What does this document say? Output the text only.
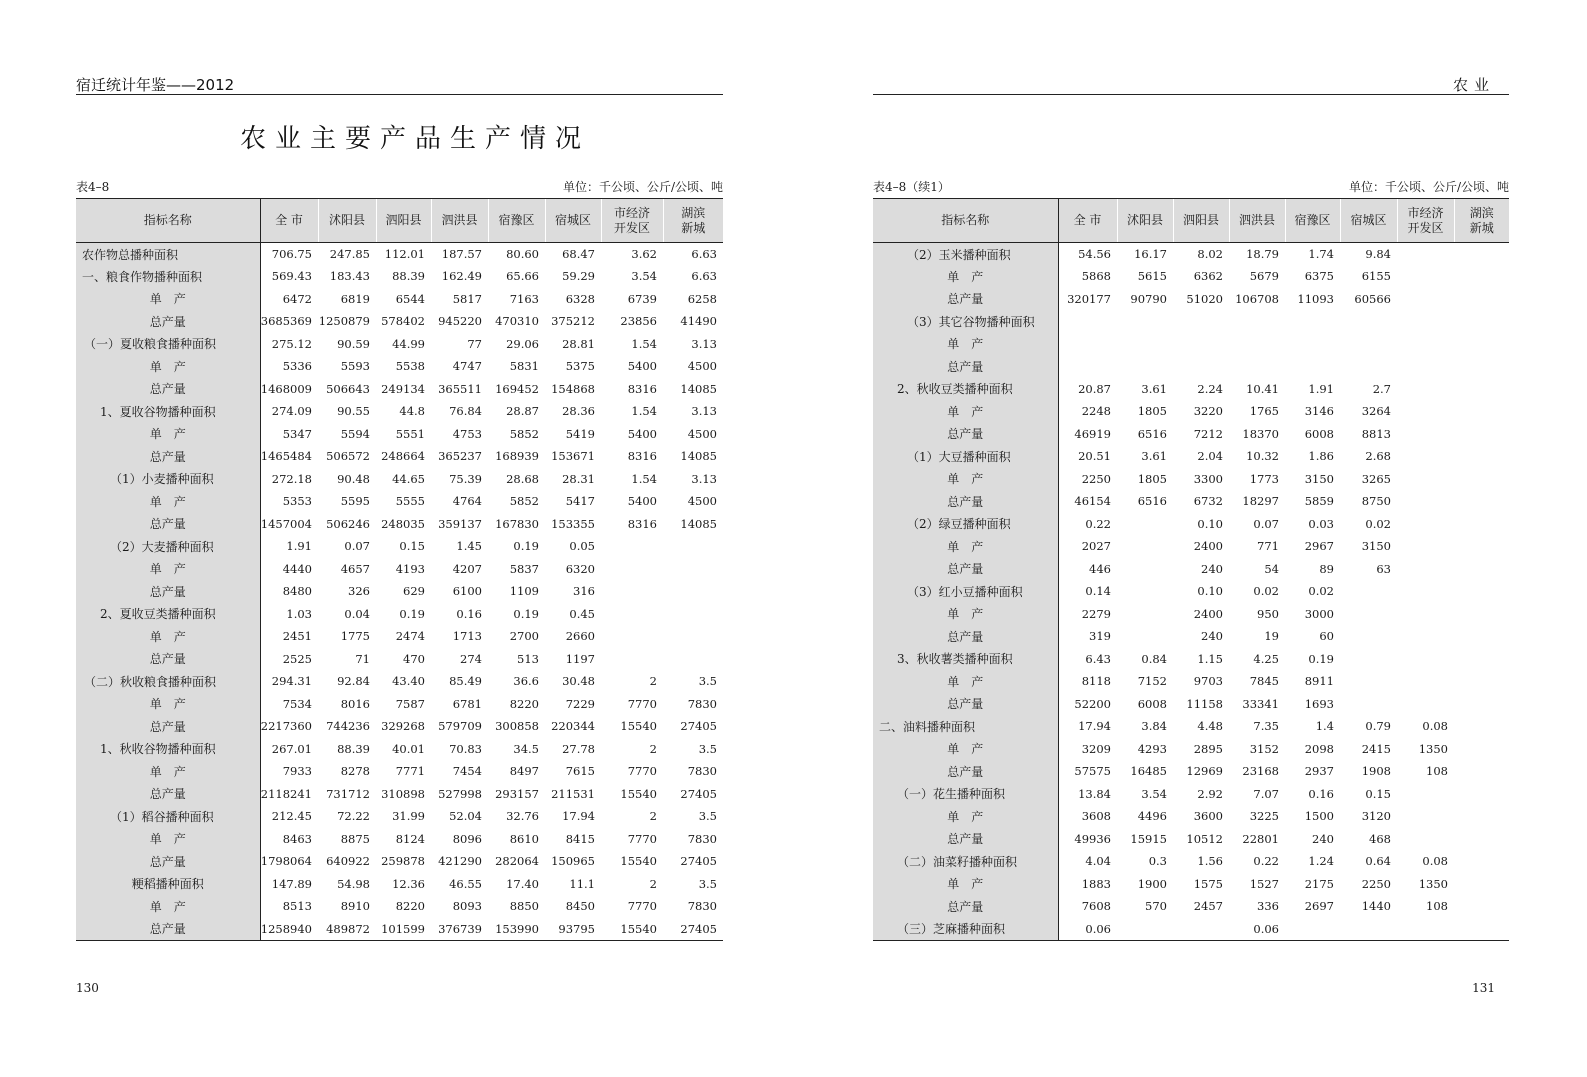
宿迁统计年鉴——2012
农业主要产品生产情况
表4–8	单位：千公顷、公斤/公顷、吨
指标名称	全 市	沭阳县	泗阳县	泗洪县	宿豫区	宿城区	市经济
开发区	湖滨
新城
农作物总播种面积	706.75	247.85	112.01	187.57	80.60	68.47	3.62	6.63
一、粮食作物播种面积	569.43	183.43	88.39	162.49	65.66	59.29	3.54	6.63
单　产	6472	6819	6544	5817	7163	6328	6739	6258
总产量	3685369	1250879	578402	945220	470310	375212	23856	41490
（一）夏收粮食播种面积	275.12	90.59	44.99	77	29.06	28.81	1.54	3.13
单　产	5336	5593	5538	4747	5831	5375	5400	4500
总产量	1468009	506643	249134	365511	169452	154868	8316	14085
1、夏收谷物播种面积	274.09	90.55	44.8	76.84	28.87	28.36	1.54	3.13
单　产	5347	5594	5551	4753	5852	5419	5400	4500
总产量	1465484	506572	248664	365237	168939	153671	8316	14085
（1）小麦播种面积	272.18	90.48	44.65	75.39	28.68	28.31	1.54	3.13
单　产	5353	5595	5555	4764	5852	5417	5400	4500
总产量	1457004	506246	248035	359137	167830	153355	8316	14085
（2）大麦播种面积	1.91	0.07	0.15	1.45	0.19	0.05		
单　产	4440	4657	4193	4207	5837	6320		
总产量	8480	326	629	6100	1109	316		
2、夏收豆类播种面积	1.03	0.04	0.19	0.16	0.19	0.45		
单　产	2451	1775	2474	1713	2700	2660		
总产量	2525	71	470	274	513	1197		
（二）秋收粮食播种面积	294.31	92.84	43.40	85.49	36.6	30.48	2	3.5
单　产	7534	8016	7587	6781	8220	7229	7770	7830
总产量	2217360	744236	329268	579709	300858	220344	15540	27405
1、秋收谷物播种面积	267.01	88.39	40.01	70.83	34.5	27.78	2	3.5
单　产	7933	8278	7771	7454	8497	7615	7770	7830
总产量	2118241	731712	310898	527998	293157	211531	15540	27405
（1）稻谷播种面积	212.45	72.22	31.99	52.04	32.76	17.94	2	3.5
单　产	8463	8875	8124	8096	8610	8415	7770	7830
总产量	1798064	640922	259878	421290	282064	150965	15540	27405
粳稻播种面积	147.89	54.98	12.36	46.55	17.40	11.1	2	3.5
单　产	8513	8910	8220	8093	8850	8450	7770	7830
总产量	1258940	489872	101599	376739	153990	93795	15540	27405
130
农业
表4–8（续1）	单位：千公顷、公斤/公顷、吨
指标名称	全 市	沭阳县	泗阳县	泗洪县	宿豫区	宿城区	市经济
开发区	湖滨
新城
（2）玉米播种面积	54.56	16.17	8.02	18.79	1.74	9.84		
单　产	5868	5615	6362	5679	6375	6155		
总产量	320177	90790	51020	106708	11093	60566		
（3）其它谷物播种面积								
单　产								
总产量								
2、秋收豆类播种面积	20.87	3.61	2.24	10.41	1.91	2.7		
单　产	2248	1805	3220	1765	3146	3264		
总产量	46919	6516	7212	18370	6008	8813		
（1）大豆播种面积	20.51	3.61	2.04	10.32	1.86	2.68		
单　产	2250	1805	3300	1773	3150	3265		
总产量	46154	6516	6732	18297	5859	8750		
（2）绿豆播种面积	0.22		0.10	0.07	0.03	0.02		
单　产	2027		2400	771	2967	3150		
总产量	446		240	54	89	63		
（3）红小豆播种面积	0.14		0.10	0.02	0.02			
单　产	2279		2400	950	3000			
总产量	319		240	19	60			
3、秋收薯类播种面积	6.43	0.84	1.15	4.25	0.19			
单　产	8118	7152	9703	7845	8911			
总产量	52200	6008	11158	33341	1693			
二、油料播种面积	17.94	3.84	4.48	7.35	1.4	0.79	0.08	
单　产	3209	4293	2895	3152	2098	2415	1350	
总产量	57575	16485	12969	23168	2937	1908	108	
（一）花生播种面积	13.84	3.54	2.92	7.07	0.16	0.15		
单　产	3608	4496	3600	3225	1500	3120		
总产量	49936	15915	10512	22801	240	468		
（二）油菜籽播种面积	4.04	0.3	1.56	0.22	1.24	0.64	0.08	
单　产	1883	1900	1575	1527	2175	2250	1350	
总产量	7608	570	2457	336	2697	1440	108	
（三）芝麻播种面积	0.06			0.06				
131
